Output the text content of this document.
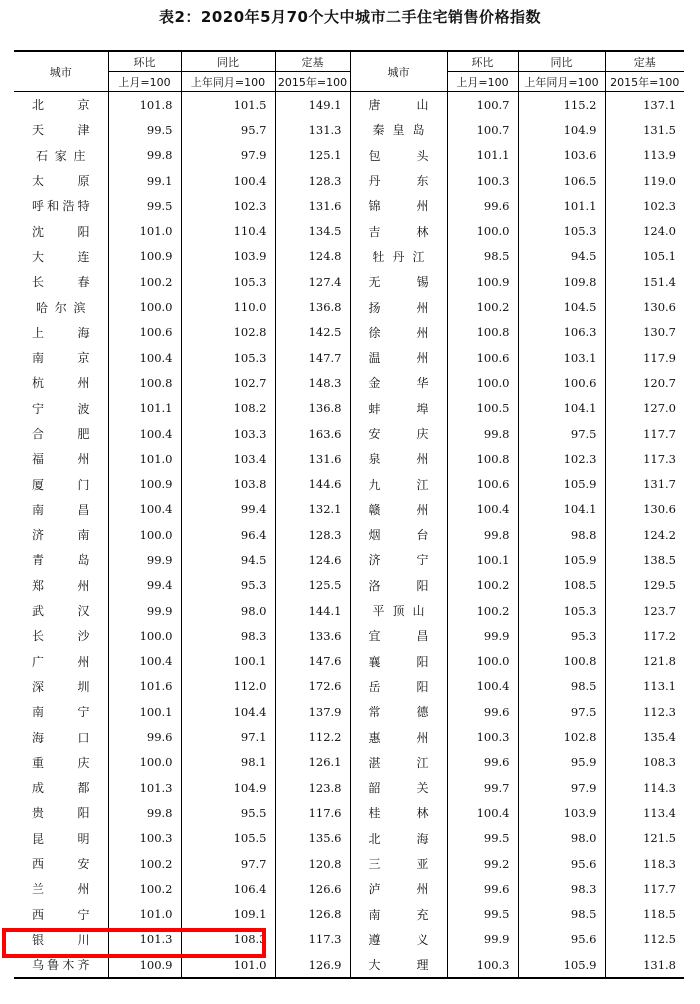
表2：2020年5月70个大中城市二手住宅销售价格指数
城市	环比	同比	定基	城市	环比	同比	定基
	上月=100	上年同月=100	2015年=100		上月=100	上年同月=100	2015年=100

北京	101.8	101.5	149.1	唐山	100.7	115.2	137.1

天津	99.5	95.7	131.3	秦皇岛	100.7	104.9	131.5

石家庄	99.8	97.9	125.1	包头	101.1	103.6	113.9

太原	99.1	100.4	128.3	丹东	100.3	106.5	119.0

呼和浩特	99.5	102.3	131.6	锦州	99.6	101.1	102.3

沈阳	101.0	110.4	134.5	吉林	100.0	105.3	124.0

大连	100.9	103.9	124.8	牡丹江	98.5	94.5	105.1

长春	100.2	105.3	127.4	无锡	100.9	109.8	151.4

哈尔滨	100.0	110.0	136.8	扬州	100.2	104.5	130.6

上海	100.6	102.8	142.5	徐州	100.8	106.3	130.7

南京	100.4	105.3	147.7	温州	100.6	103.1	117.9

杭州	100.8	102.7	148.3	金华	100.0	100.6	120.7

宁波	101.1	108.2	136.8	蚌埠	100.5	104.1	127.0

合肥	100.4	103.3	163.6	安庆	99.8	97.5	117.7

福州	101.0	103.4	131.6	泉州	100.8	102.3	117.3

厦门	100.9	103.8	144.6	九江	100.6	105.9	131.7

南昌	100.4	99.4	132.1	赣州	100.4	104.1	130.6

济南	100.0	96.4	128.3	烟台	99.8	98.8	124.2

青岛	99.9	94.5	124.6	济宁	100.1	105.9	138.5

郑州	99.4	95.3	125.5	洛阳	100.2	108.5	129.5

武汉	99.9	98.0	144.1	平顶山	100.2	105.3	123.7

长沙	100.0	98.3	133.6	宜昌	99.9	95.3	117.2

广州	100.4	100.1	147.6	襄阳	100.0	100.8	121.8

深圳	101.6	112.0	172.6	岳阳	100.4	98.5	113.1

南宁	100.1	104.4	137.9	常德	99.6	97.5	112.3

海口	99.6	97.1	112.2	惠州	100.3	102.8	135.4

重庆	100.0	98.1	126.1	湛江	99.6	95.9	108.3

成都	101.3	104.9	123.8	韶关	99.7	97.9	114.3

贵阳	99.8	95.5	117.6	桂林	100.4	103.9	113.4

昆明	100.3	105.5	135.6	北海	99.5	98.0	121.5

西安	100.2	97.7	120.8	三亚	99.2	95.6	118.3

兰州	100.2	106.4	126.6	泸州	99.6	98.3	117.7

西宁	101.0	109.1	126.8	南充	99.5	98.5	118.5

银川	101.3	108.3	117.3	遵义	99.9	95.6	112.5

乌鲁木齐	100.9	101.0	126.9	大理	100.3	105.9	131.8
